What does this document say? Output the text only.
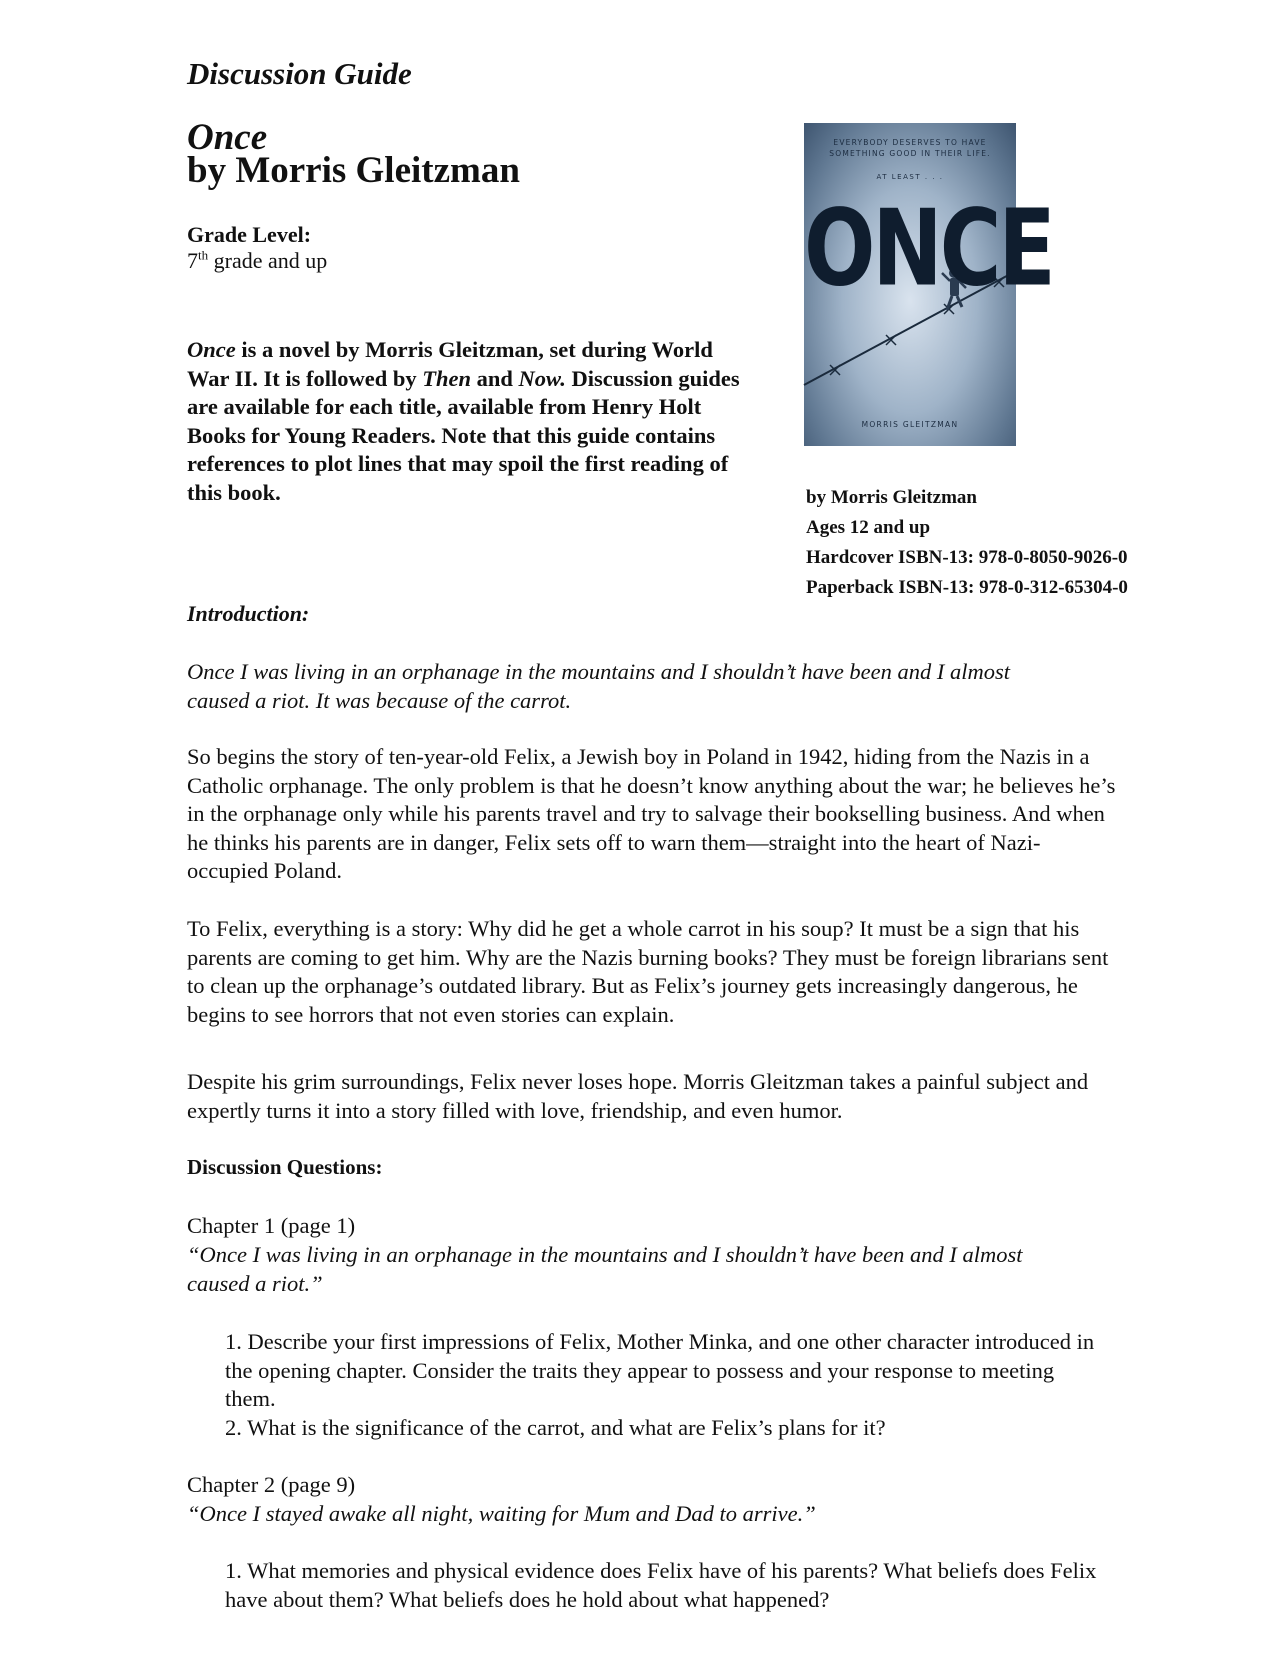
Discussion Guide
Once
by Morris Gleitzman
Grade Level:
7th grade and up
Once is a novel by Morris Gleitzman, set during World War II. It is followed by Then and Now. Discussion guides are available for each title, available from Henry Holt Books for Young Readers. Note that this guide contains references to plot lines that may spoil the first reading of this book.
EVERYBODY DESERVES TO HAVE
SOMETHING GOOD IN THEIR LIFE.
AT LEAST . . .
ONCE
MORRIS GLEITZMAN
by Morris Gleitzman
Ages 12 and up
Hardcover ISBN-13: 978-0-8050-9026-0
Paperback ISBN-13: 978-0-312-65304-0
Introduction:
Once I was living in an orphanage in the mountains and I shouldn’t have been and I almost caused a riot. It was because of the carrot.
So begins the story of ten-year-old Felix, a Jewish boy in Poland in 1942, hiding from the Nazis in a Catholic orphanage. The only problem is that he doesn’t know anything about the war; he believes he’s in the orphanage only while his parents travel and try to salvage their bookselling business. And when he thinks his parents are in danger, Felix sets off to warn them—straight into the heart of Nazi-occupied Poland.
To Felix, everything is a story: Why did he get a whole carrot in his soup? It must be a sign that his parents are coming to get him. Why are the Nazis burning books? They must be foreign librarians sent to clean up the orphanage’s outdated library. But as Felix’s journey gets increasingly dangerous, he begins to see horrors that not even stories can explain.
Despite his grim surroundings, Felix never loses hope. Morris Gleitzman takes a painful subject and expertly turns it into a story filled with love, friendship, and even humor.
Discussion Questions:
Chapter 1 (page 1)
“Once I was living in an orphanage in the mountains and I shouldn’t have been and I almost caused a riot.”
1. Describe your first impressions of Felix, Mother Minka, and one other character introduced in the opening chapter. Consider the traits they appear to possess and your response to meeting them.
2. What is the significance of the carrot, and what are Felix’s plans for it?
Chapter 2 (page 9)
“Once I stayed awake all night, waiting for Mum and Dad to arrive.”
1. What memories and physical evidence does Felix have of his parents? What beliefs does Felix have about them? What beliefs does he hold about what happened?
